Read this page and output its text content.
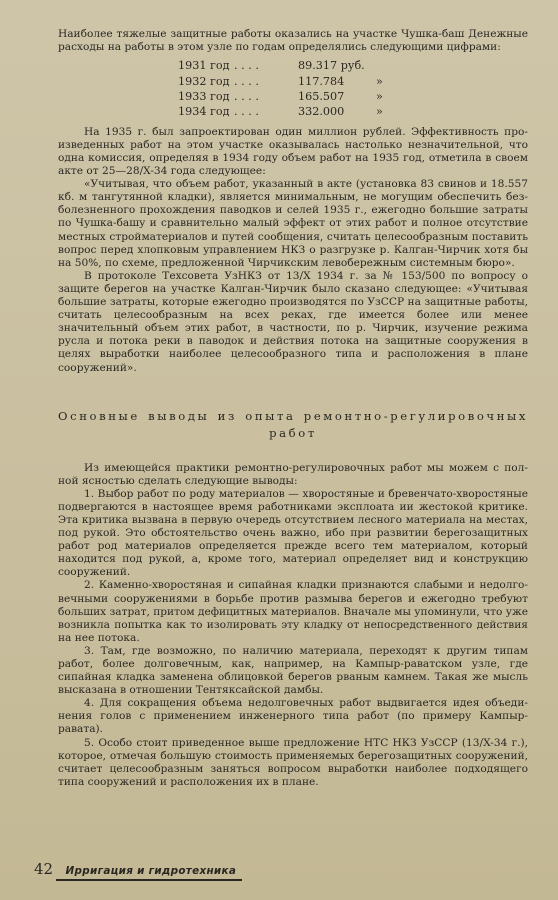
Наиболее тяжелые защитные работы оказались на участке Чушка-баш Денежные расходы на работы в этом узле по годам определялись следующими цифрами:

1931 год . . . .	89.317 руб.
1932 год . . . .	117.784	»
1933 год . . . .	165.507	»
1934 год . . . .	332.000	»

На 1935 г. был запроектирован один миллион рублей. Эффективность произведенных работ на этом участке оказывалась настолько незначительной, что одна комиссия, определяя в 1934 году объем работ на 1935 год, отметила в своем акте от 25—28/X-34 года следующее:

«Учитывая, что объем работ, указанный в акте (установка 83 свинов и 18.557 кб. м тангутянной кладки), является минимальным, не могущим обеспечить безболезненного прохождения паводков и селей 1935 г., ежегодно большие затраты по Чушка-башу и сравнительно малый эффект от этих работ и полное отсутствие местных стройматериалов и путей сообщения, считать целесообразным поставить вопрос перед хлопковым управлением НКЗ о разгрузке р. Калган-Чирчик хотя бы на 50%, по схеме, предложенной Чирчикским левобережным системным бюро».

В протоколе Техсовета УзНКЗ от 13/X 1934 г. за № 153/500 по вопросу о защите берегов на участке Калган-Чирчик было сказано следующее: «Учитывая большие затраты, которые ежегодно производятся по УзССР на защитные работы, считать целесообразным на всех реках, где имеется более или менее значительный объем этих работ, в частности, по р. Чирчик, изучение режима русла и потока реки в паводок и действия потока на защитные сооружения в целях выработки наиболее целесообразного типа и расположения в плане сооружений».

Основные выводы из опыта ремонтно-регулировочных
работ

Из имеющейся практики ремонтно-регулировочных работ мы можем с полной ясностью сделать следующие выводы:

1. Выбор работ по роду материалов — хворостяные и бревенчато-хворостяные подвергаются в настоящее время работниками эксплоата ии жестокой критике. Эта критика вызвана в первую очередь отсутствием лесного материала на местах, под рукой. Это обстоятельство очень важно, ибо при развитии берегозащитных работ род материалов определяется прежде всего тем материалом, который находится под рукой, а, кроме того, материал определяет вид и конструкцию сооружений.

2. Каменно-хворостяная и сипайная кладки признаются слабыми и недолговечными сооружениями в борьбе против размыва берегов и ежегодно требуют больших затрат, притом дефицитных материалов. Вначале мы упоминули, что уже возникла попытка как то изолировать эту кладку от непосредственного действия на нее потока.

3. Там, где возможно, по наличию материала, переходят к другим типам работ, более долговечным, как, например, на Кампыр-раватском узле, где сипайная кладка заменена облицовкой берегов рваным камнем. Такая же мысль высказана в отношении Тентяксайской дамбы.

4. Для сокращения объема недолговечных работ выдвигается идея объединения голов с применением инженерного типа работ (по примеру Кампыр-равата).

5. Особо стоит приведенное выше предложение НТС НКЗ УзССР (13/X-34 г.), которое, отмечая большую стоимость применяемых берегозащитных сооружений, считает целесообразным заняться вопросом выработки наиболее подходящего типа сооружений и расположения их в плане.

42 Ирригация и гидротехника
